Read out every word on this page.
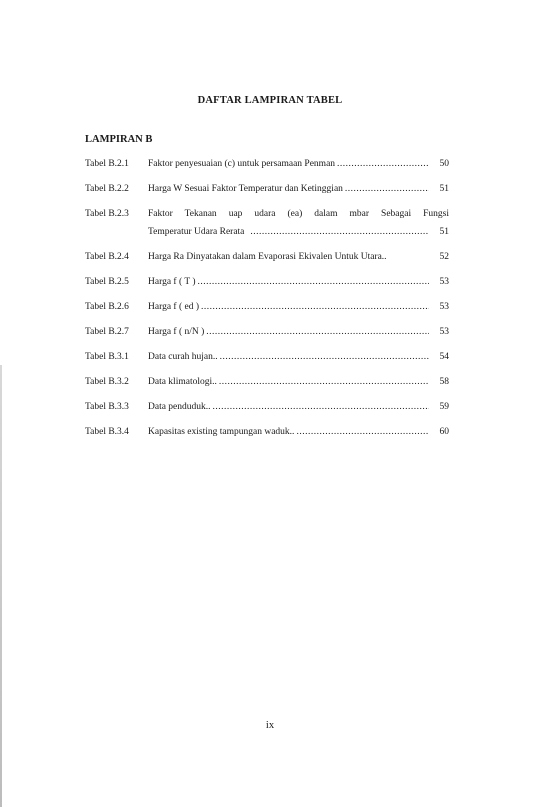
DAFTAR LAMPIRAN TABEL
LAMPIRAN B
Tabel B.2.1	Faktor penyesuaian (c) untuk persamaan Penman .....	50
Tabel B.2.2	Harga W Sesuai Faktor Temperatur dan Ketinggian .....	51
Tabel B.2.3	Faktor Tekanan uap udara (ea) dalam mbar Sebagai Fungsi
Temperatur Udara Rerata .....	51
Tabel B.2.4	Harga Ra Dinyatakan dalam Evaporasi Ekivalen Untuk Utara..	52
Tabel B.2.5	Harga f ( T ) .....	53
Tabel B.2.6	Harga f ( ed ) .....	53
Tabel B.2.7	Harga f ( n/N ) .....	53
Tabel B.3.1	Data curah hujan.. .....	54
Tabel B.3.2	Data klimatologi.. .....	58
Tabel B.3.3	Data penduduk.. .....	59
Tabel B.3.4	Kapasitas existing tampungan waduk.. .....	60
ix
